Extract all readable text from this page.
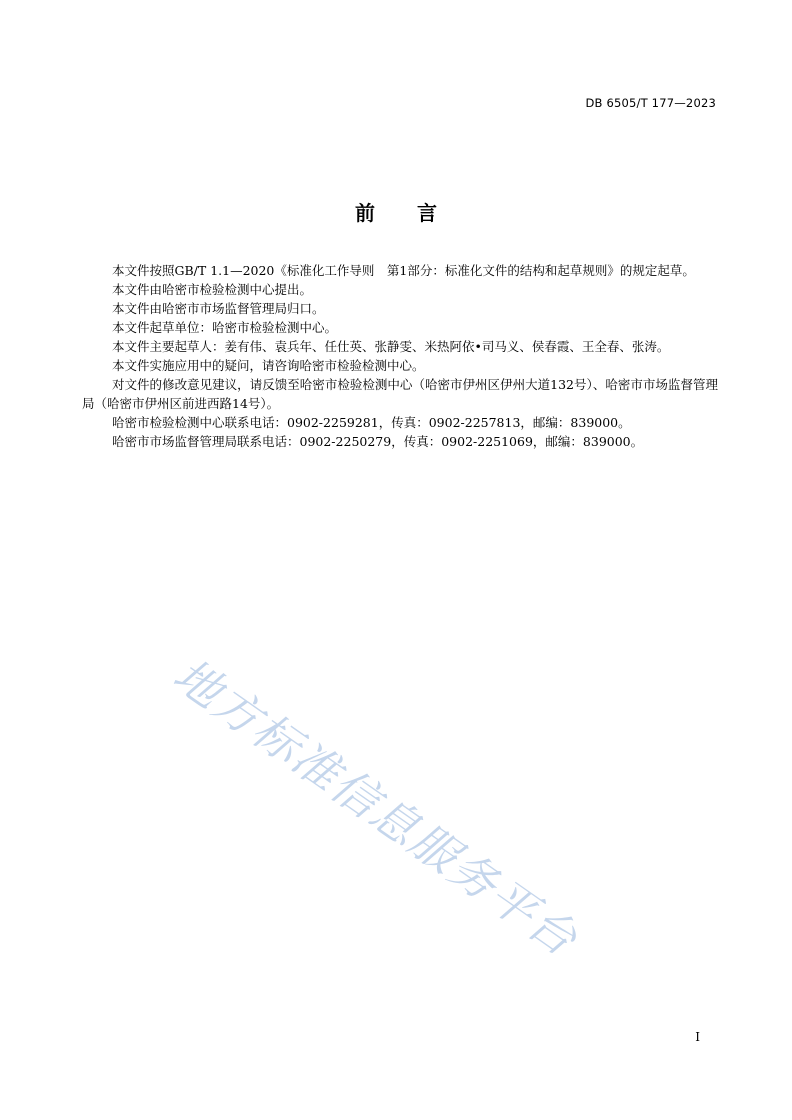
DB 6505/T 177—2023
前言

本文件按照GB/T 1.1—2020《标准化工作导则　第1部分：标准化文件的结构和起草规则》的规定起草。

本文件由哈密市检验检测中心提出。

本文件由哈密市市场监督管理局归口。

本文件起草单位：哈密市检验检测中心。

本文件主要起草人：姜有伟、袁兵年、任仕英、张静雯、米热阿依•司马义、侯春霞、王全春、张涛。

本文件实施应用中的疑问，请咨询哈密市检验检测中心。

对文件的修改意见建议，请反馈至哈密市检验检测中心（哈密市伊州区伊州大道132号）、哈密市市场监督管理局（哈密市伊州区前进西路14号）。

哈密市检验检测中心联系电话：0902-2259281，传真：0902-2257813，邮编：839000。

哈密市市场监督管理局联系电话：0902-2250279，传真：0902-2251069，邮编：839000。

地方标准信息服务平台
I
